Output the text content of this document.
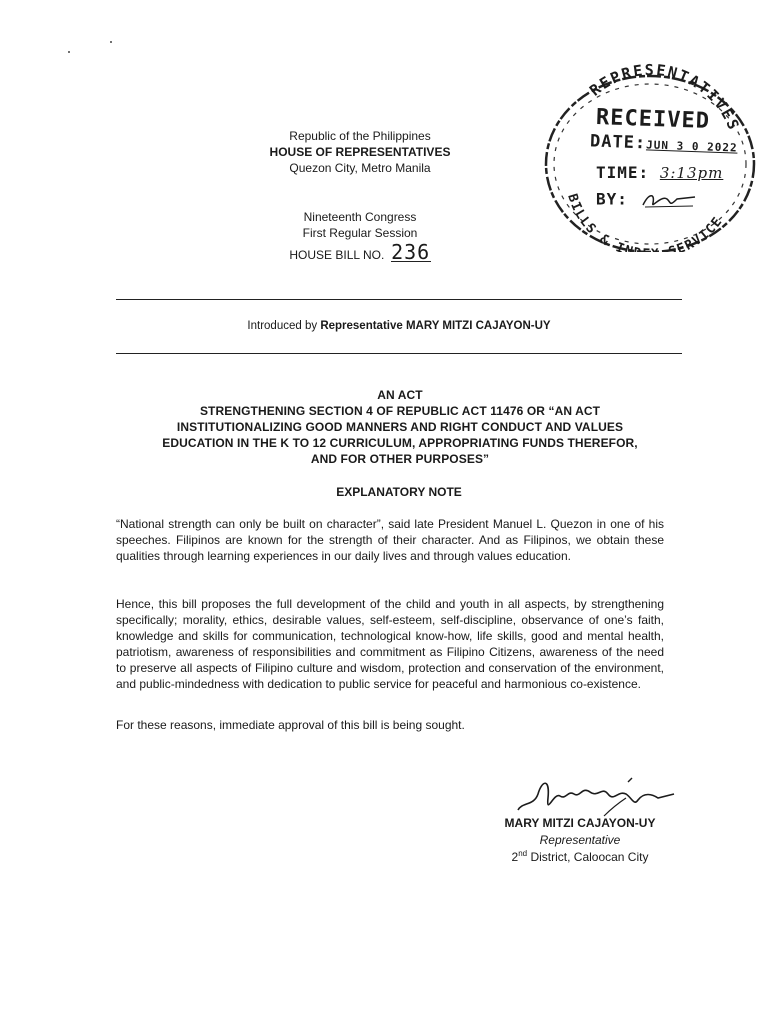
Republic of the Philippines
HOUSE OF REPRESENTATIVES
Quezon City, Metro Manila
Nineteenth Congress
First Regular Session
HOUSE BILL NO. 236
Introduced by Representative MARY MITZI CAJAYON-UY
AN ACT
STRENGTHENING SECTION 4 OF REPUBLIC ACT 11476 OR “AN ACT
INSTITUTIONALIZING GOOD MANNERS AND RIGHT CONDUCT AND VALUES
EDUCATION IN THE K TO 12 CURRICULUM, APPROPRIATING FUNDS THEREFOR,
AND FOR OTHER PURPOSES”
EXPLANATORY NOTE
“National strength can only be built on character”, said late President Manuel L. Quezon in one of his speeches. Filipinos are known for the strength of their character. And as Filipinos, we obtain these qualities through learning experiences in our daily lives and through values education.
Hence, this bill proposes the full development of the child and youth in all aspects, by strengthening specifically; morality, ethics, desirable values, self-esteem, self-discipline, observance of one’s faith, knowledge and skills for communication, technological know-how, life skills, good and mental health, patriotism, awareness of responsibilities and commitment as Filipino Citizens, awareness of the need to preserve all aspects of Filipino culture and wisdom, protection and conservation of the environment, and public-mindedness with dedication to public service for peaceful and harmonious co-existence.
For these reasons, immediate approval of this bill is being sought.
REPRESENTATIVES
BILLS & IN SERVICE
RECEIVED
DATE:JUN 3 0 2022
TIME: 3:13pm
BY:
MARY MITZI CAJAYON-UY
Representative
2nd District, Caloocan City
